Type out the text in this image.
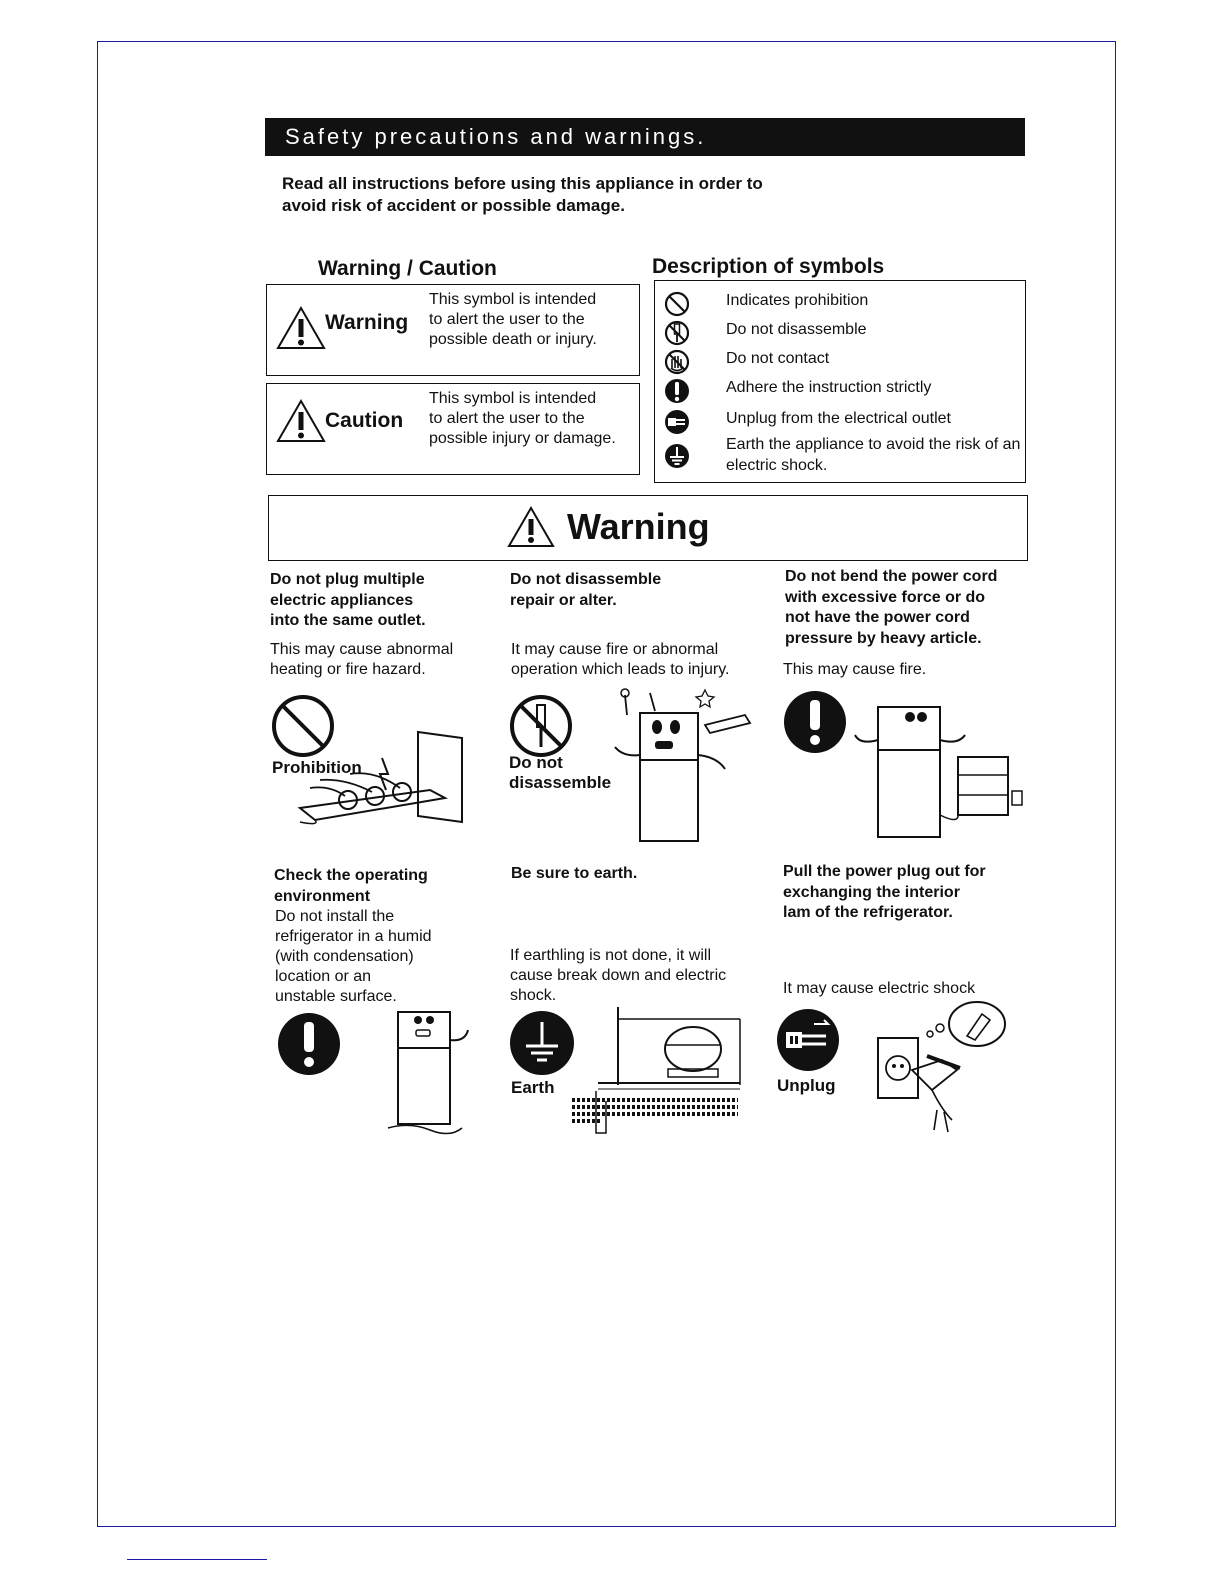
Safety precautions and warnings.
Read all instructions before using this appliance in order to
avoid risk of accident or possible damage.
Warning / Caution
Warning
This symbol is intended
to alert the user to the
possible death or injury.
Caution
This symbol is intended
to alert the user to the
possible injury or damage.
Description of symbols
Indicates prohibition
Do not disassemble
Do not contact
Adhere the instruction strictly
Unplug from the electrical outlet
Earth the appliance to avoid the risk of an electric shock.
Warning
Do not plug multiple
electric appliances
into the same outlet.
This may cause abnormal
heating or fire hazard.
Prohibition
Do not disassemble
repair or alter.
It may cause fire or abnormal
operation which leads to injury.
Do not
disassemble
Do not bend the power cord
with excessive force or do
not have the power cord
pressure by heavy article.
This may cause fire.
Check the operating
environment
Do not install the
refrigerator in a humid
(with condensation)
location or an
unstable surface.
Be sure to earth.
If earthling is not done, it will
cause break down and electric
shock.
Earth
Pull the power plug out for
exchanging the interior
lam of the refrigerator.
It may cause electric shock
Unplug
